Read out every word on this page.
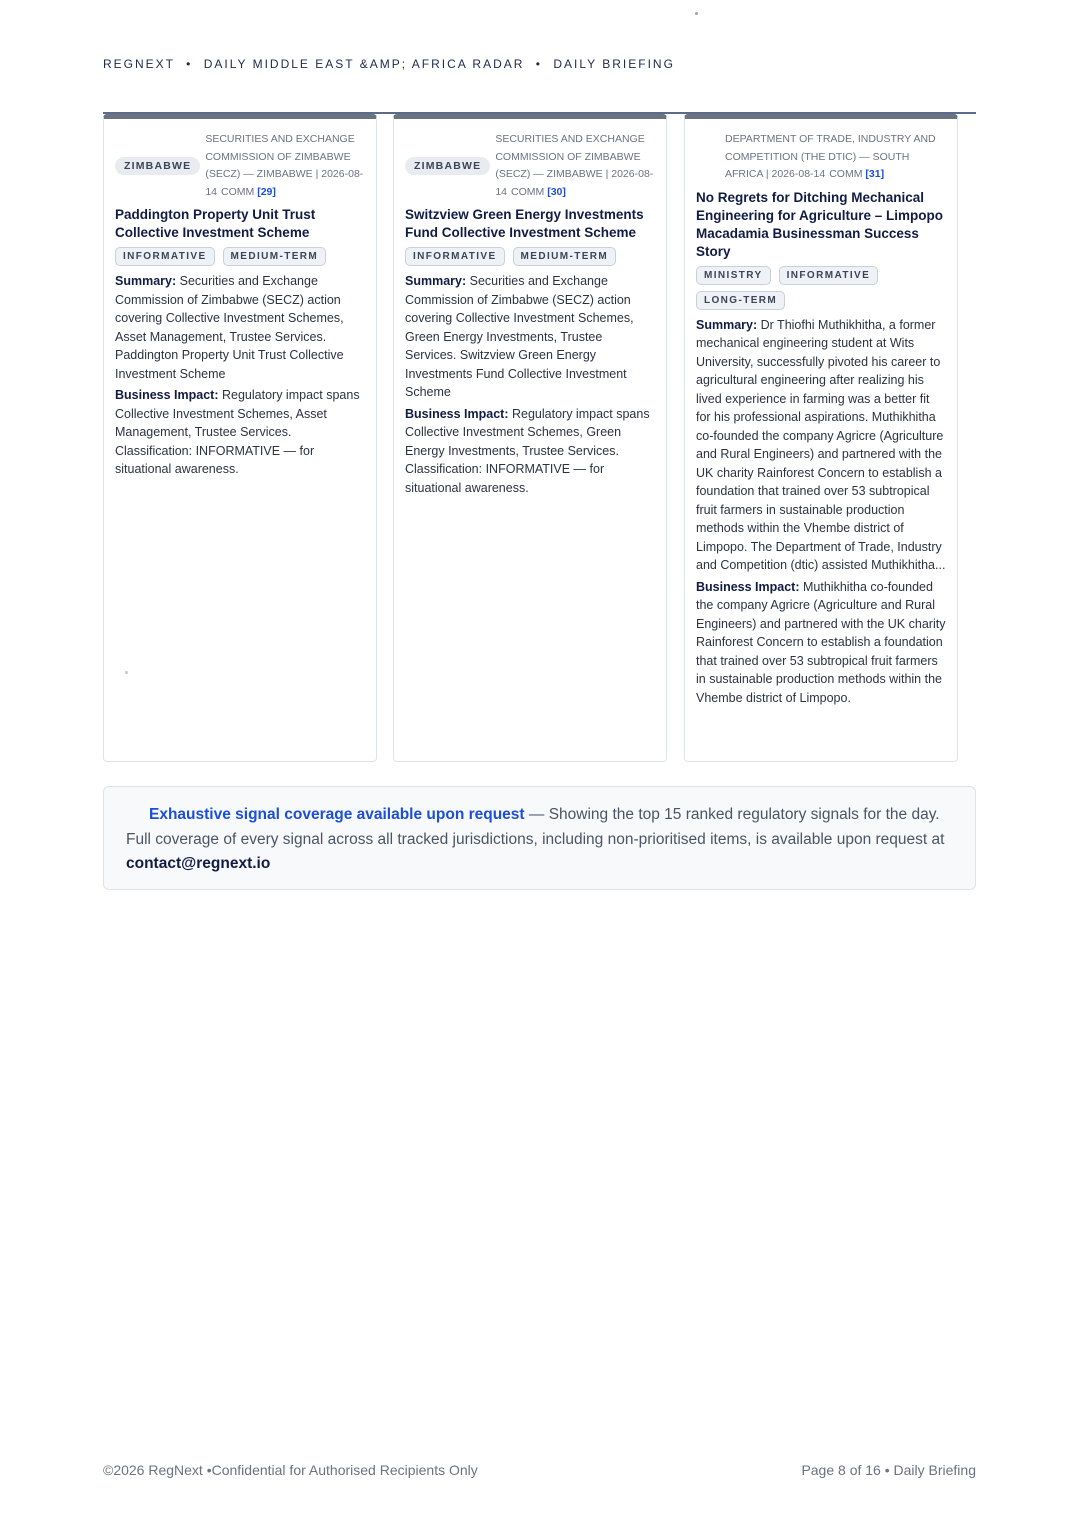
REGNEXT • DAILY MIDDLE EAST &AMP; AFRICA RADAR • DAILY BRIEFING
ZIMBABWE
SECURITIES AND EXCHANGE COMMISSION OF ZIMBABWE (SECZ) — ZIMBABWE | 2026-08-14 COMM [29]
Paddington Property Unit Trust Collective Investment Scheme
INFORMATIVE	MEDIUM-TERM

Summary: Securities and Exchange Commission of Zimbabwe (SECZ) action covering Collective Investment Schemes, Asset Management, Trustee Services. Paddington Property Unit Trust Collective Investment Scheme

Business Impact: Regulatory impact spans Collective Investment Schemes, Asset Management, Trustee Services. Classification: INFORMATIVE — for situational awareness.

ZIMBABWE
SECURITIES AND EXCHANGE COMMISSION OF ZIMBABWE (SECZ) — ZIMBABWE | 2026-08-14 COMM [30]
Switzview Green Energy Investments Fund Collective Investment Scheme
INFORMATIVE	MEDIUM-TERM

Summary: Securities and Exchange Commission of Zimbabwe (SECZ) action covering Collective Investment Schemes, Green Energy Investments, Trustee Services. Switzview Green Energy Investments Fund Collective Investment Scheme

Business Impact: Regulatory impact spans Collective Investment Schemes, Green Energy Investments, Trustee Services. Classification: INFORMATIVE — for situational awareness.

DEPARTMENT OF TRADE, INDUSTRY AND COMPETITION (THE DTIC) — SOUTH AFRICA | 2026-08-14 COMM [31]
No Regrets for Ditching Mechanical Engineering for Agriculture – Limpopo Macadamia Businessman Success Story
MINISTRY	INFORMATIVE
LONG-TERM

Summary: Dr Thiofhi Muthikhitha, a former mechanical engineering student at Wits University, successfully pivoted his career to agricultural engineering after realizing his lived experience in farming was a better fit for his professional aspirations. Muthikhitha co-founded the company Agricre (Agriculture and Rural Engineers) and partnered with the UK charity Rainforest Concern to establish a foundation that trained over 53 subtropical fruit farmers in sustainable production methods within the Vhembe district of Limpopo. The Department of Trade, Industry and Competition (dtic) assisted Muthikhitha...

Business Impact: Muthikhitha co-founded the company Agricre (Agriculture and Rural Engineers) and partnered with the UK charity Rainforest Concern to establish a foundation that trained over 53 subtropical fruit farmers in sustainable production methods within the Vhembe district of Limpopo.

Exhaustive signal coverage available upon request — Showing the top 15 ranked regulatory signals for the day. Full coverage of every signal across all tracked jurisdictions, including non-prioritised items, is available upon request at contact@regnext.io
©2026 RegNext •Confidential for Authorised Recipients Only	Page 8 of 16 • Daily Briefing
